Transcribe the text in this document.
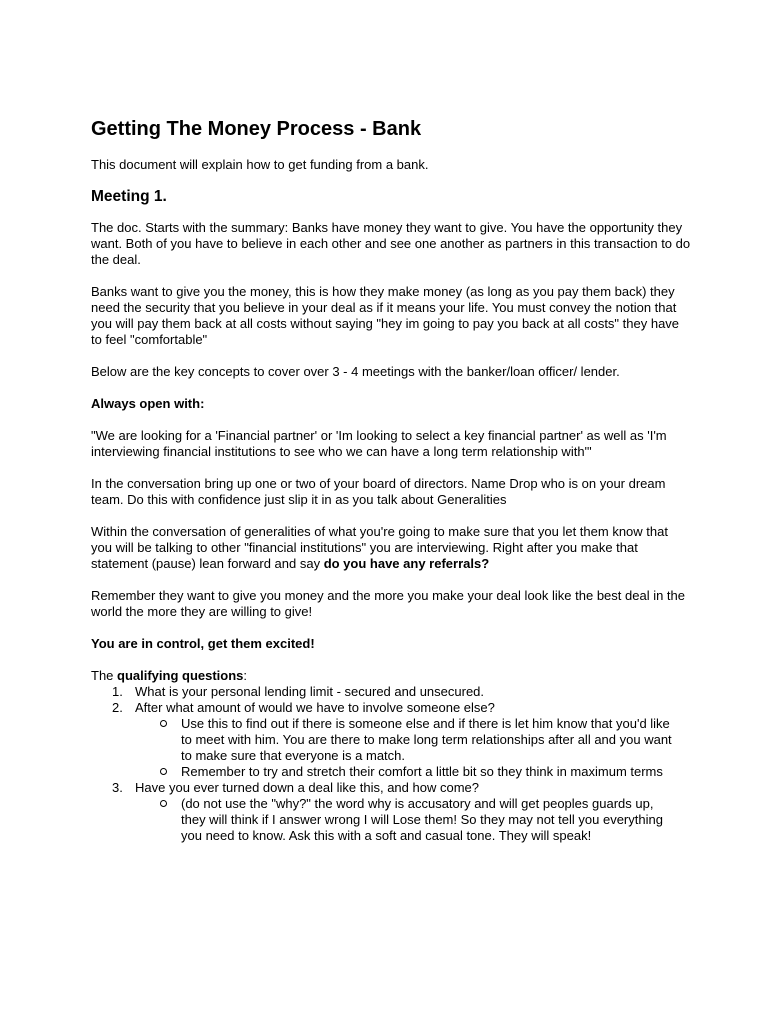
Getting The Money Process - Bank

This document will explain how to get funding from a bank.

Meeting 1.

The doc. Starts with the summary: Banks have money they want to give. You have the opportunity they want. Both of you have to believe in each other and see one another as partners in this transaction to do the deal.

Banks want to give you the money, this is how they make money (as long as you pay them back) they need the security that you believe in your deal as if it means your life. You must convey the notion that you will pay them back at all costs without saying "hey im going to pay you back at all costs" they have to feel "comfortable"

Below are the key concepts to cover over 3 - 4 meetings with the banker/loan officer/ lender.

Always open with:

"We are looking for a 'Financial partner' or 'Im looking to select a key financial partner' as well as 'I'm interviewing financial institutions to see who we can have a long term relationship with'"

In the conversation bring up one or two of your board of directors. Name Drop who is on your dream team. Do this with confidence just slip it in as you talk about Generalities

Within the conversation of generalities of what you're going to make sure that you let them know that you will be talking to other "financial institutions" you are interviewing. Right after you make that statement (pause) lean forward and say do you have any referrals?

Remember they want to give you money and the more you make your deal look like the best deal in the world the more they are willing to give!

You are in control, get them excited!

The qualifying questions:

1. What is your personal lending limit - secured and unsecured.
2. After what amount of would we have to involve someone else?
Use this to find out if there is someone else and if there is let him know that you'd like to meet with him. You are there to make long term relationships after all and you want to make sure that everyone is a match.
Remember to try and stretch their comfort a little bit so they think in maximum terms
3. Have you ever turned down a deal like this, and how come?
(do not use the "why?" the word why is accusatory and will get peoples guards up, they will think if I answer wrong I will Lose them! So they may not tell you everything you need to know. Ask this with a soft and casual tone. They will speak!
